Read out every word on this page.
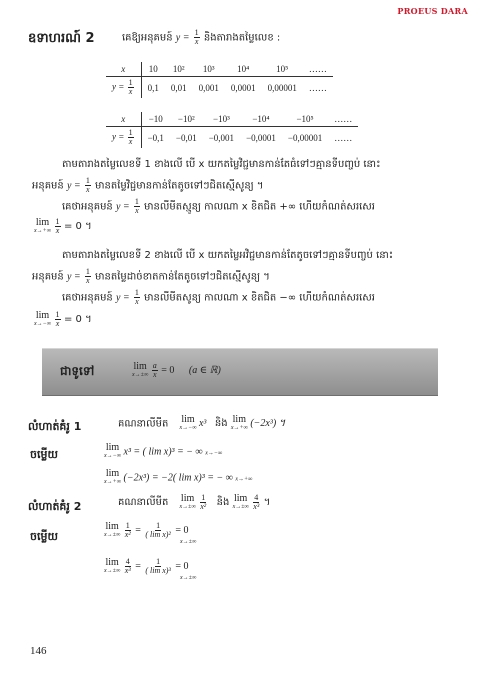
PROEUS DARA
ឧទាហរណ៍ 2	គេឱ្យអនុគមន៍ $y = \frac{1}{x}$ និងតារាងតម្លៃលេខ :
x	10	10²	10³	10⁴	10⁵	……
$y = \frac{1}{x}$	0,1	0,01	0,001	0,0001	0,00001	……
x	−10	−10²	−10³	−10⁴	−10⁵	……
$y = \frac{1}{x}$	−0,1	−0,01	−0,001	−0,0001	−0,00001	……
តាមតារាងតម្លៃលេខទី 1 ខាងលើ បើ x យកតម្លៃវិជ្ជមានកាន់តែធំទៅៗគ្មានទីបញ្ចប់ នោះ
អនុគមន៍ $y = \frac{1}{x}$ មានតម្លៃវិជ្ជមានកាន់តែតូចទៅៗជិតស្មើសូន្យ ។
គេថាអនុគមន៍ $y = \frac{1}{x}$ មានលីមីតស្មូន្យ កាលណា x ខិតជិត +∞ ហើយកំណត់សរសេរ
lim
x→+∞
$\frac{1}{x} = 0$ ។
តាមតារាងតម្លៃលេខទី 2 ខាងលើ បើ x យកតម្លៃអវិជ្ជមានកាន់តែតូចទៅៗគ្មានទីបញ្ចប់ នោះ
អនុគមន៍ $y = \frac{1}{x}$ មានតម្លៃដាច់ខាតកាន់តែតូចទៅៗជិតស្មើសូន្យ ។
គេថាអនុគមន៍ $y = \frac{1}{x}$ មានលីមីតសូន្យ កាលណា x ខិតជិត −∞ ហើយកំណត់សរសេរ
lim
x→−∞
$\frac{1}{x} = 0$ ។
ជាទូទៅ	lim
x→±∞
$\frac{a}{x} = 0$ (a ∈ ℝ)
លំហាត់គំរូ 1	គណនាលីមីត lim
x→−∞ x³ និង lim
x→+∞ (−2x³) ។
ចម្លើយ
lim
x→−∞ x³ = ( lim x)³ = − ∞ x→−∞
lim
x→+∞ (−2x³) = −2( lim x)³ = − ∞ x→+∞
លំហាត់គំរូ 2	គណនាលីមីត lim
x→±∞
$\frac{1}{\text{x²}}$ និង lim
x→±∞
$\frac{4}{\text{x³}}$ ។
ចម្លើយ
lim
x→±∞
$\frac{1}{\text{x²}} = \frac{1}{\text{( lim x)²}} = 0$
x→±∞
lim
x→±∞
$\frac{4}{\text{x³}} = \frac{1}{\text{( lim x)³}} = 0$
x→±∞
146
